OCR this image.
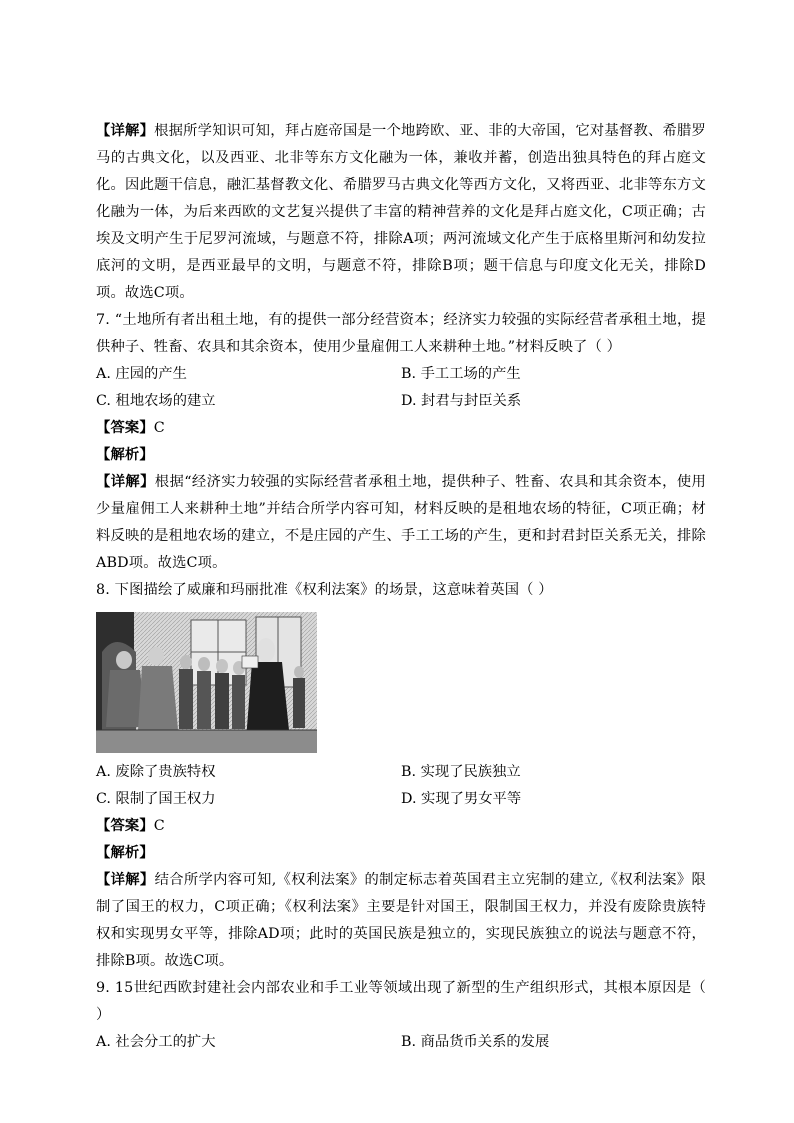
【详解】根据所学知识可知，拜占庭帝国是一个地跨欧、亚、非的大帝国，它对基督教、希腊罗马的古典文化，以及西亚、北非等东方文化融为一体，兼收并蓄，创造出独具特色的拜占庭文化。因此题干信息，融汇基督教文化、希腊罗马古典文化等西方文化，又将西亚、北非等东方文化融为一体，为后来西欧的文艺复兴提供了丰富的精神营养的文化是拜占庭文化，C项正确；古埃及文明产生于尼罗河流域，与题意不符，排除A项；两河流域文化产生于底格里斯河和幼发拉底河的文明，是西亚最早的文明，与题意不符，排除B项；题干信息与印度文化无关，排除D项。故选C项。

7. “土地所有者出租土地，有的提供一部分经营资本；经济实力较强的实际经营者承租土地，提供种子、牲畜、农具和其余资本，使用少量雇佣工人来耕种土地。”材料反映了（ ）

A. 庄园的产生	B. 手工工场的产生
C. 租地农场的建立	D. 封君与封臣关系

【答案】C

【解析】

【详解】根据“经济实力较强的实际经营者承租土地，提供种子、牲畜、农具和其余资本，使用少量雇佣工人来耕种土地”并结合所学内容可知，材料反映的是租地农场的特征，C项正确；材料反映的是租地农场的建立，不是庄园的产生、手工工场的产生，更和封君封臣关系无关，排除ABD项。故选C项。

8. 下图描绘了威廉和玛丽批准《权利法案》的场景，这意味着英国（ ）

A. 废除了贵族特权	B. 实现了民族独立
C. 限制了国王权力	D. 实现了男女平等

【答案】C

【解析】

【详解】结合所学内容可知,《权利法案》的制定标志着英国君主立宪制的建立,《权利法案》限制了国王的权力，C项正确；《权利法案》主要是针对国王，限制国王权力，并没有废除贵族特权和实现男女平等，排除AD项；此时的英国民族是独立的，实现民族独立的说法与题意不符，排除B项。故选C项。

9. 15世纪西欧封建社会内部农业和手工业等领域出现了新型的生产组织形式，其根本原因是（ ）

A. 社会分工的扩大	B. 商品货币关系的发展
